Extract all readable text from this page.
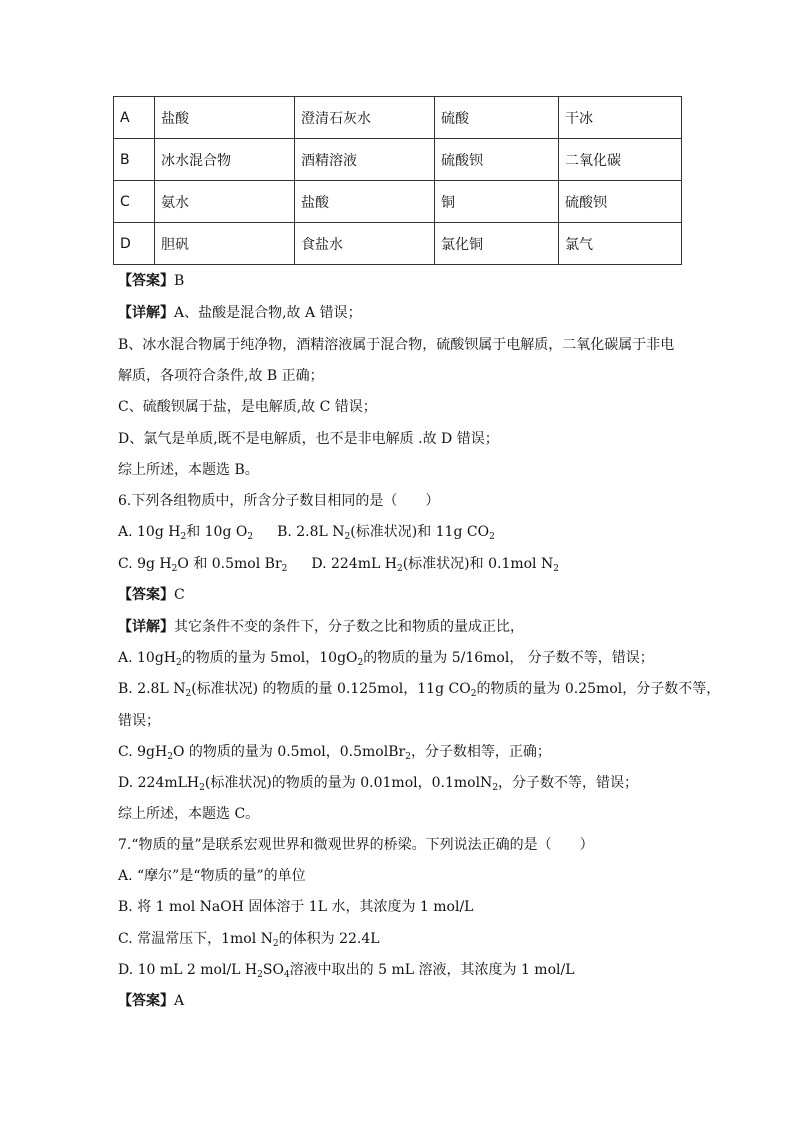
A	盐酸	澄清石灰水	硫酸	干冰
B	冰水混合物	酒精溶液	硫酸钡	二氧化碳
C	氨水	盐酸	铜	硫酸钡
D	胆矾	食盐水	氯化铜	氯气
【答案】B
【详解】A、盐酸是混合物,故 A 错误；
B、冰水混合物属于纯净物，酒精溶液属于混合物，硫酸钡属于电解质，二氧化碳属于非电
解质，各项符合条件,故 B 正确；
C、硫酸钡属于盐，是电解质,故 C 错误；
D、氯气是单质,既不是电解质，也不是非电解质 .故 D 错误；
综上所述，本题选 B。
6.下列各组物质中，所含分子数目相同的是（　　）
A. 10g $H_2$和 10g $O_2$ B. 2.8L $N_2$(标准状况)和 11g $CO_2$
C. 9g $H_2O$ 和 0.5mol $Br_2$ D. 224mL $H_2$(标准状况)和 0.1mol $N_2$
【答案】C
【详解】其它条件不变的条件下，分子数之比和物质的量成正比，
A. $10gH_2$的物质的量为 5mol，$10gO_2$的物质的量为 5/16mol， 分子数不等，错误；
B. 2.8L $N_2$(标准状况) 的物质的量 0.125mol，11g $CO_2$的物质的量为 0.25mol，分子数不等，
错误；
C. $9gH_2O$ 的物质的量为 0.5mol，0.5molBr$_2$，分子数相等，正确；
D. 224mLH$_2$(标准状况)的物质的量为 0.01mol，0.1molN$_2$，分子数不等，错误；
综上所述，本题选 C。
7.“物质的量”是联系宏观世界和微观世界的桥梁。下列说法正确的是（　　）
A. “摩尔”是“物质的量”的单位
B. 将 1 mol NaOH 固体溶于 1L 水，其浓度为 1 mol/L
C. 常温常压下，1mol $N_2$的体积为 22.4L
D. 10 mL 2 mol/L $H_2SO_4$溶液中取出的 5 mL 溶液，其浓度为 1 mol/L
【答案】A
